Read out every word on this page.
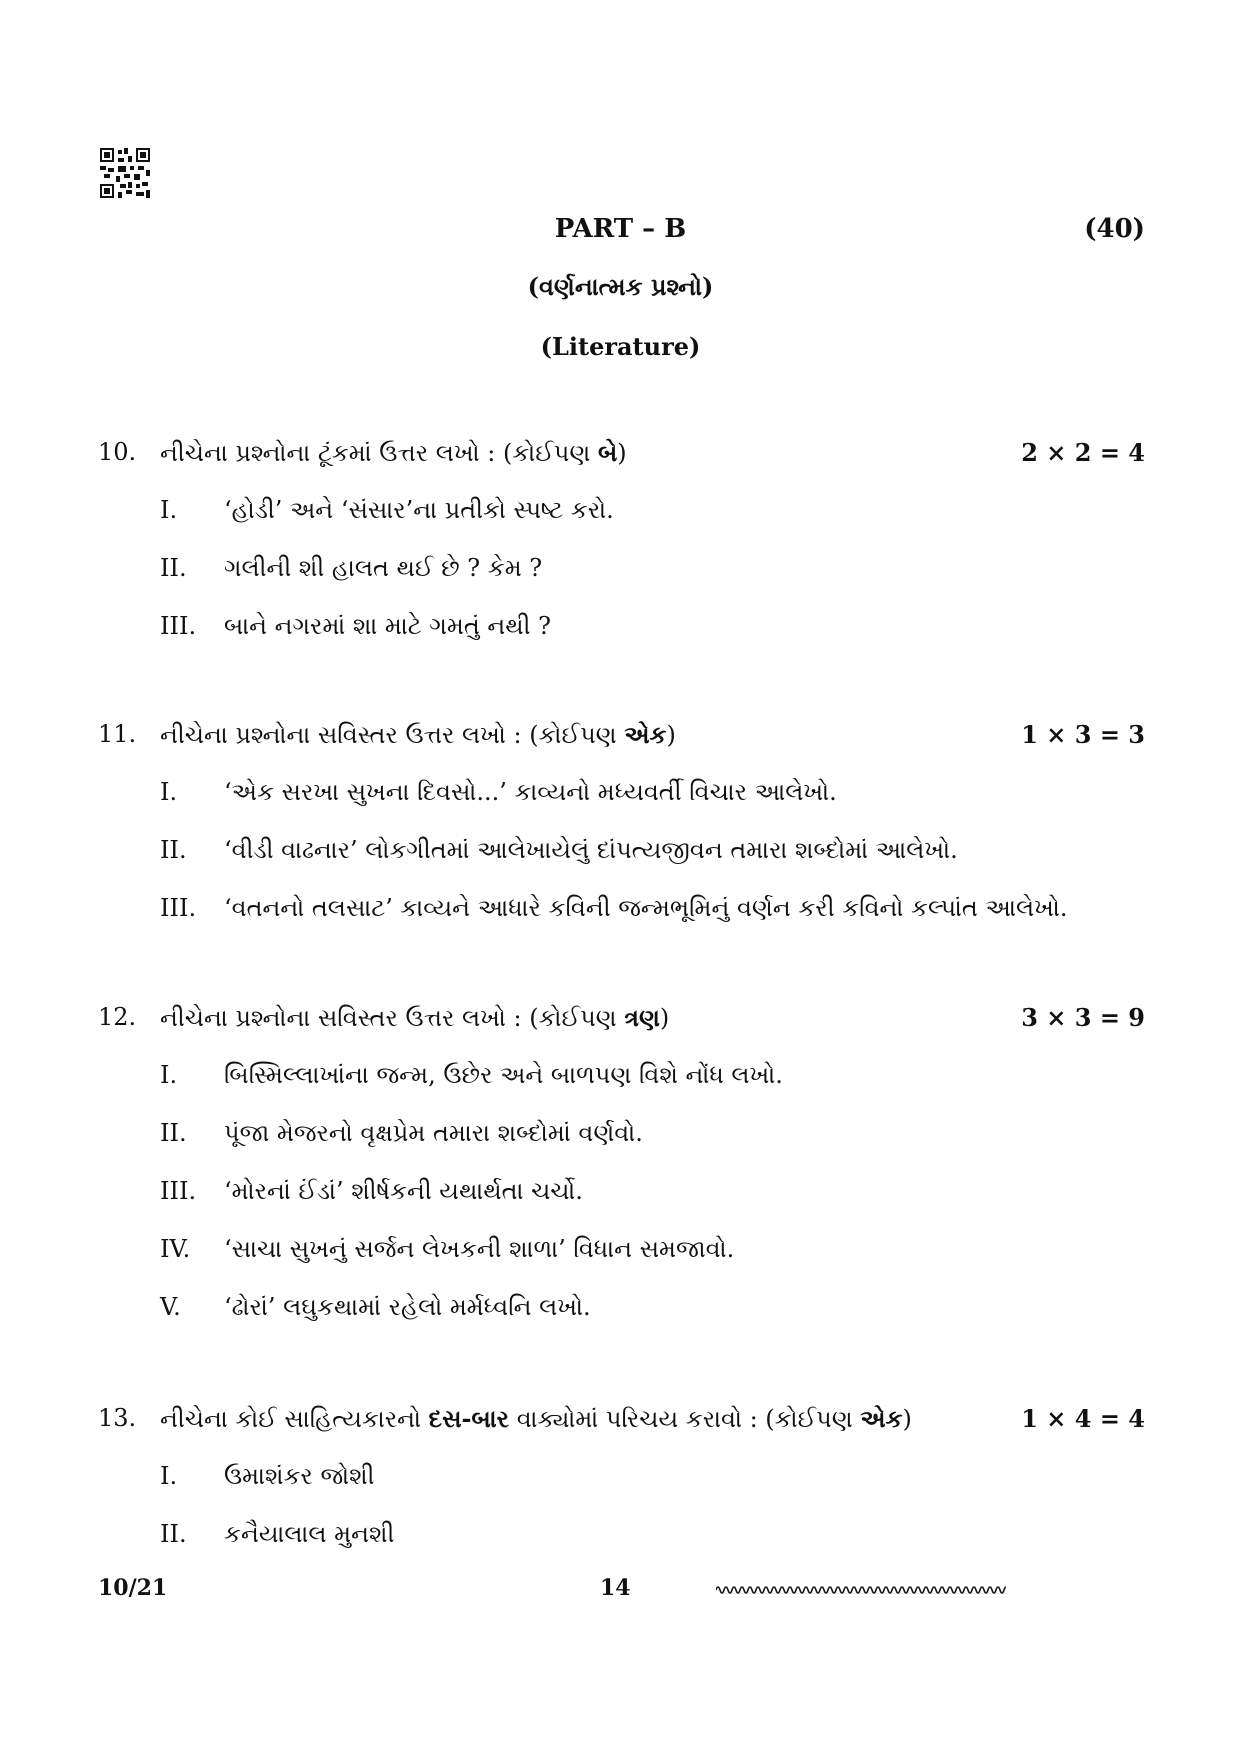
PART – B	(40)
(વર્ણનાત્મક પ્રશ્નો)
(Literature)
10. નીચેના પ્રશ્નોના ટૂંકમાં ઉત્તર લખો : (કોઈપણ બે)	2 × 2 = 4
I. ‘હોડી’ અને ‘સંસાર’ના પ્રતીકો સ્પષ્ટ કરો.
II. ગલીની શી હાલત થઈ છે ? કેમ ?
III. બાને નગરમાં શા માટે ગમતું નથી ?
11. નીચેના પ્રશ્નોના સવિસ્તર ઉત્તર લખો : (કોઈપણ એક)	1 × 3 = 3
I. ‘એક સરખા સુખના દિવસો...’ કાવ્યનો મધ્યવર્તી વિચાર આલેખો.
II. ‘વીડી વાઢનાર’ લોકગીતમાં આલેખાયેલું દાંપત્યજીવન તમારા શબ્દોમાં આલેખો.
III. ‘વતનનો તલસાટ’ કાવ્યને આધારે કવિની જન્મભૂમિનું વર્ણન કરી કવિનો કલ્પાંત આલેખો.
12. નીચેના પ્રશ્નોના સવિસ્તર ઉત્તર લખો : (કોઈપણ ત્રણ)	3 × 3 = 9
I. બિસ્મિલ્લાખાંના જન્મ, ઉછેર અને બાળપણ વિશે નોંધ લખો.
II. પૂંજા મેજરનો વૃક્ષપ્રેમ તમારા શબ્દોમાં વર્ણવો.
III. ‘મોરનાં ઈંડાં’ શીર્ષકની યથાર્થતા ચર્ચો.
IV. ‘સાચા સુખનું સર્જન લેખકની શાળા’ વિધાન સમજાવો.
V. ‘ઢોરાં’ લઘુકથામાં રહેલો મર્મધ્વનિ લખો.
13. નીચેના કોઈ સાહિત્યકારનો દસ-બાર વાક્યોમાં પરિચય કરાવો : (કોઈપણ એક)	1 × 4 = 4
I. ઉમાશંકર જોશી
II. કનૈયાલાલ મુનશી
10/21	14
